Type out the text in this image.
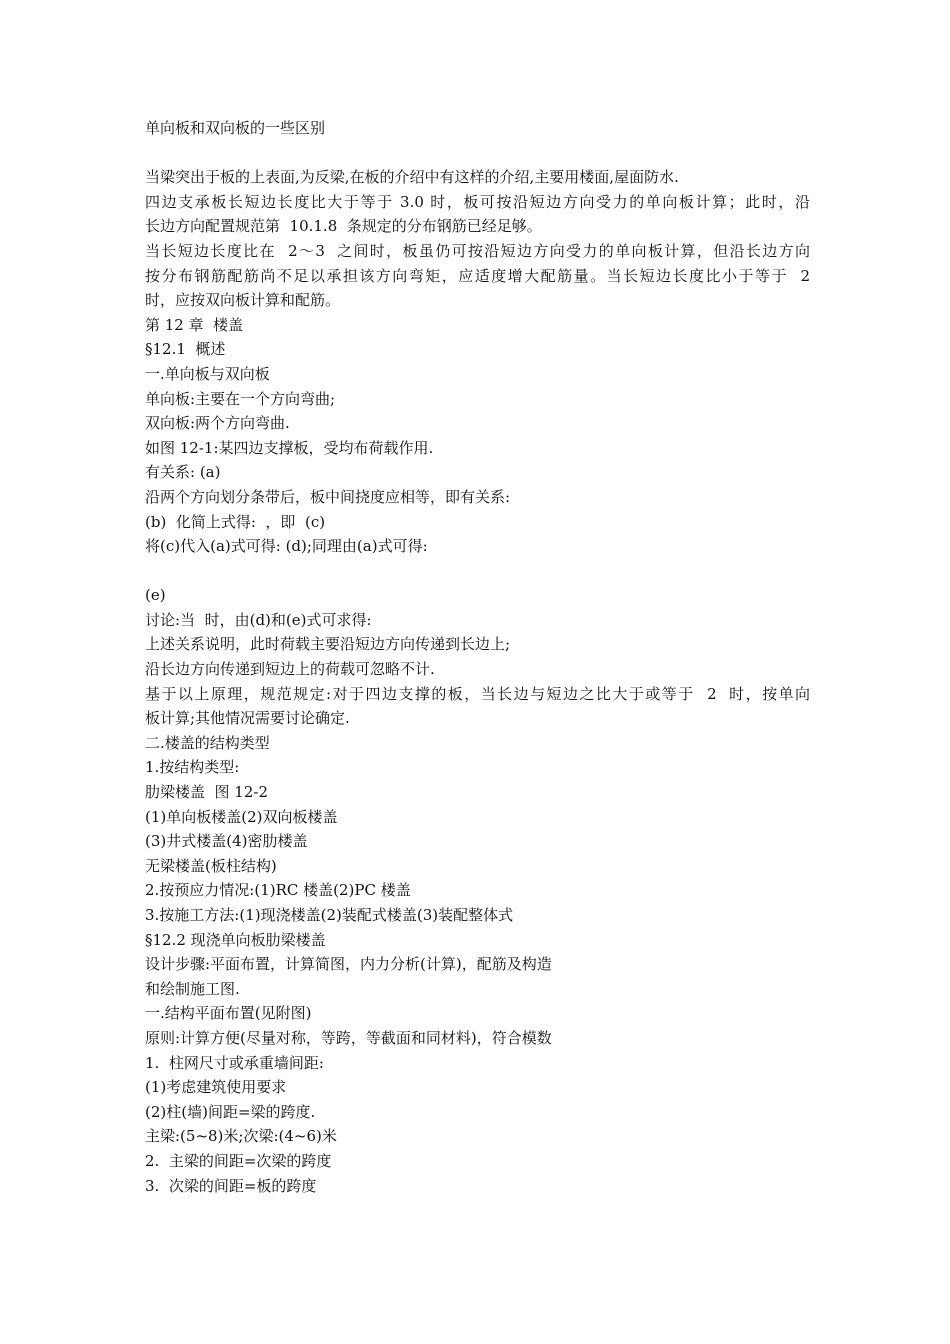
单向板和双向板的一些区别
当梁突出于板的上表面,为反梁,在板的介绍中有这样的介绍,主要用楼面,屋面防水.
四边支承板长短边长度比大于等于 3.0 时，板可按沿短边方向受力的单向板计算；此时，沿
长边方向配置规范第  10.1.8  条规定的分布钢筋已经足够。
当长短边长度比在  2～3  之间时，板虽仍可按沿短边方向受力的单向板计算，但沿长边方向
按分布钢筋配筋尚不足以承担该方向弯矩，应适度增大配筋量。当长短边长度比小于等于  2
时，应按双向板计算和配筋。
第 12 章  楼盖
§12.1  概述
一.单向板与双向板
单向板:主要在一个方向弯曲;
双向板:两个方向弯曲.
如图 12-1:某四边支撑板，受均布荷载作用.
有关系: (a)
沿两个方向划分条带后，板中间挠度应相等，即有关系:
(b)  化简上式得:  ，即  (c)
将(c)代入(a)式可得: (d);同理由(a)式可得:
(e)
讨论:当  时，由(d)和(e)式可求得:
上述关系说明，此时荷载主要沿短边方向传递到长边上;
沿长边方向传递到短边上的荷载可忽略不计.
基于以上原理，规范规定:对于四边支撑的板，当长边与短边之比大于或等于  2  时，按单向
板计算;其他情况需要讨论确定.
二.楼盖的结构类型
1.按结构类型:
肋梁楼盖  图 12-2
(1)单向板楼盖(2)双向板楼盖
(3)井式楼盖(4)密肋楼盖
无梁楼盖(板柱结构)
2.按预应力情况:(1)RC 楼盖(2)PC 楼盖
3.按施工方法:(1)现浇楼盖(2)装配式楼盖(3)装配整体式
§12.2 现浇单向板肋梁楼盖
设计步骤:平面布置，计算简图，内力分析(计算)，配筋及构造
和绘制施工图.
一.结构平面布置(见附图)
原则:计算方便(尽量对称，等跨，等截面和同材料)，符合模数
1.  柱网尺寸或承重墙间距:
(1)考虑建筑使用要求
(2)柱(墙)间距=梁的跨度.
主梁:(5~8)米;次梁:(4~6)米
2.  主梁的间距=次梁的跨度
3.  次梁的间距=板的跨度
